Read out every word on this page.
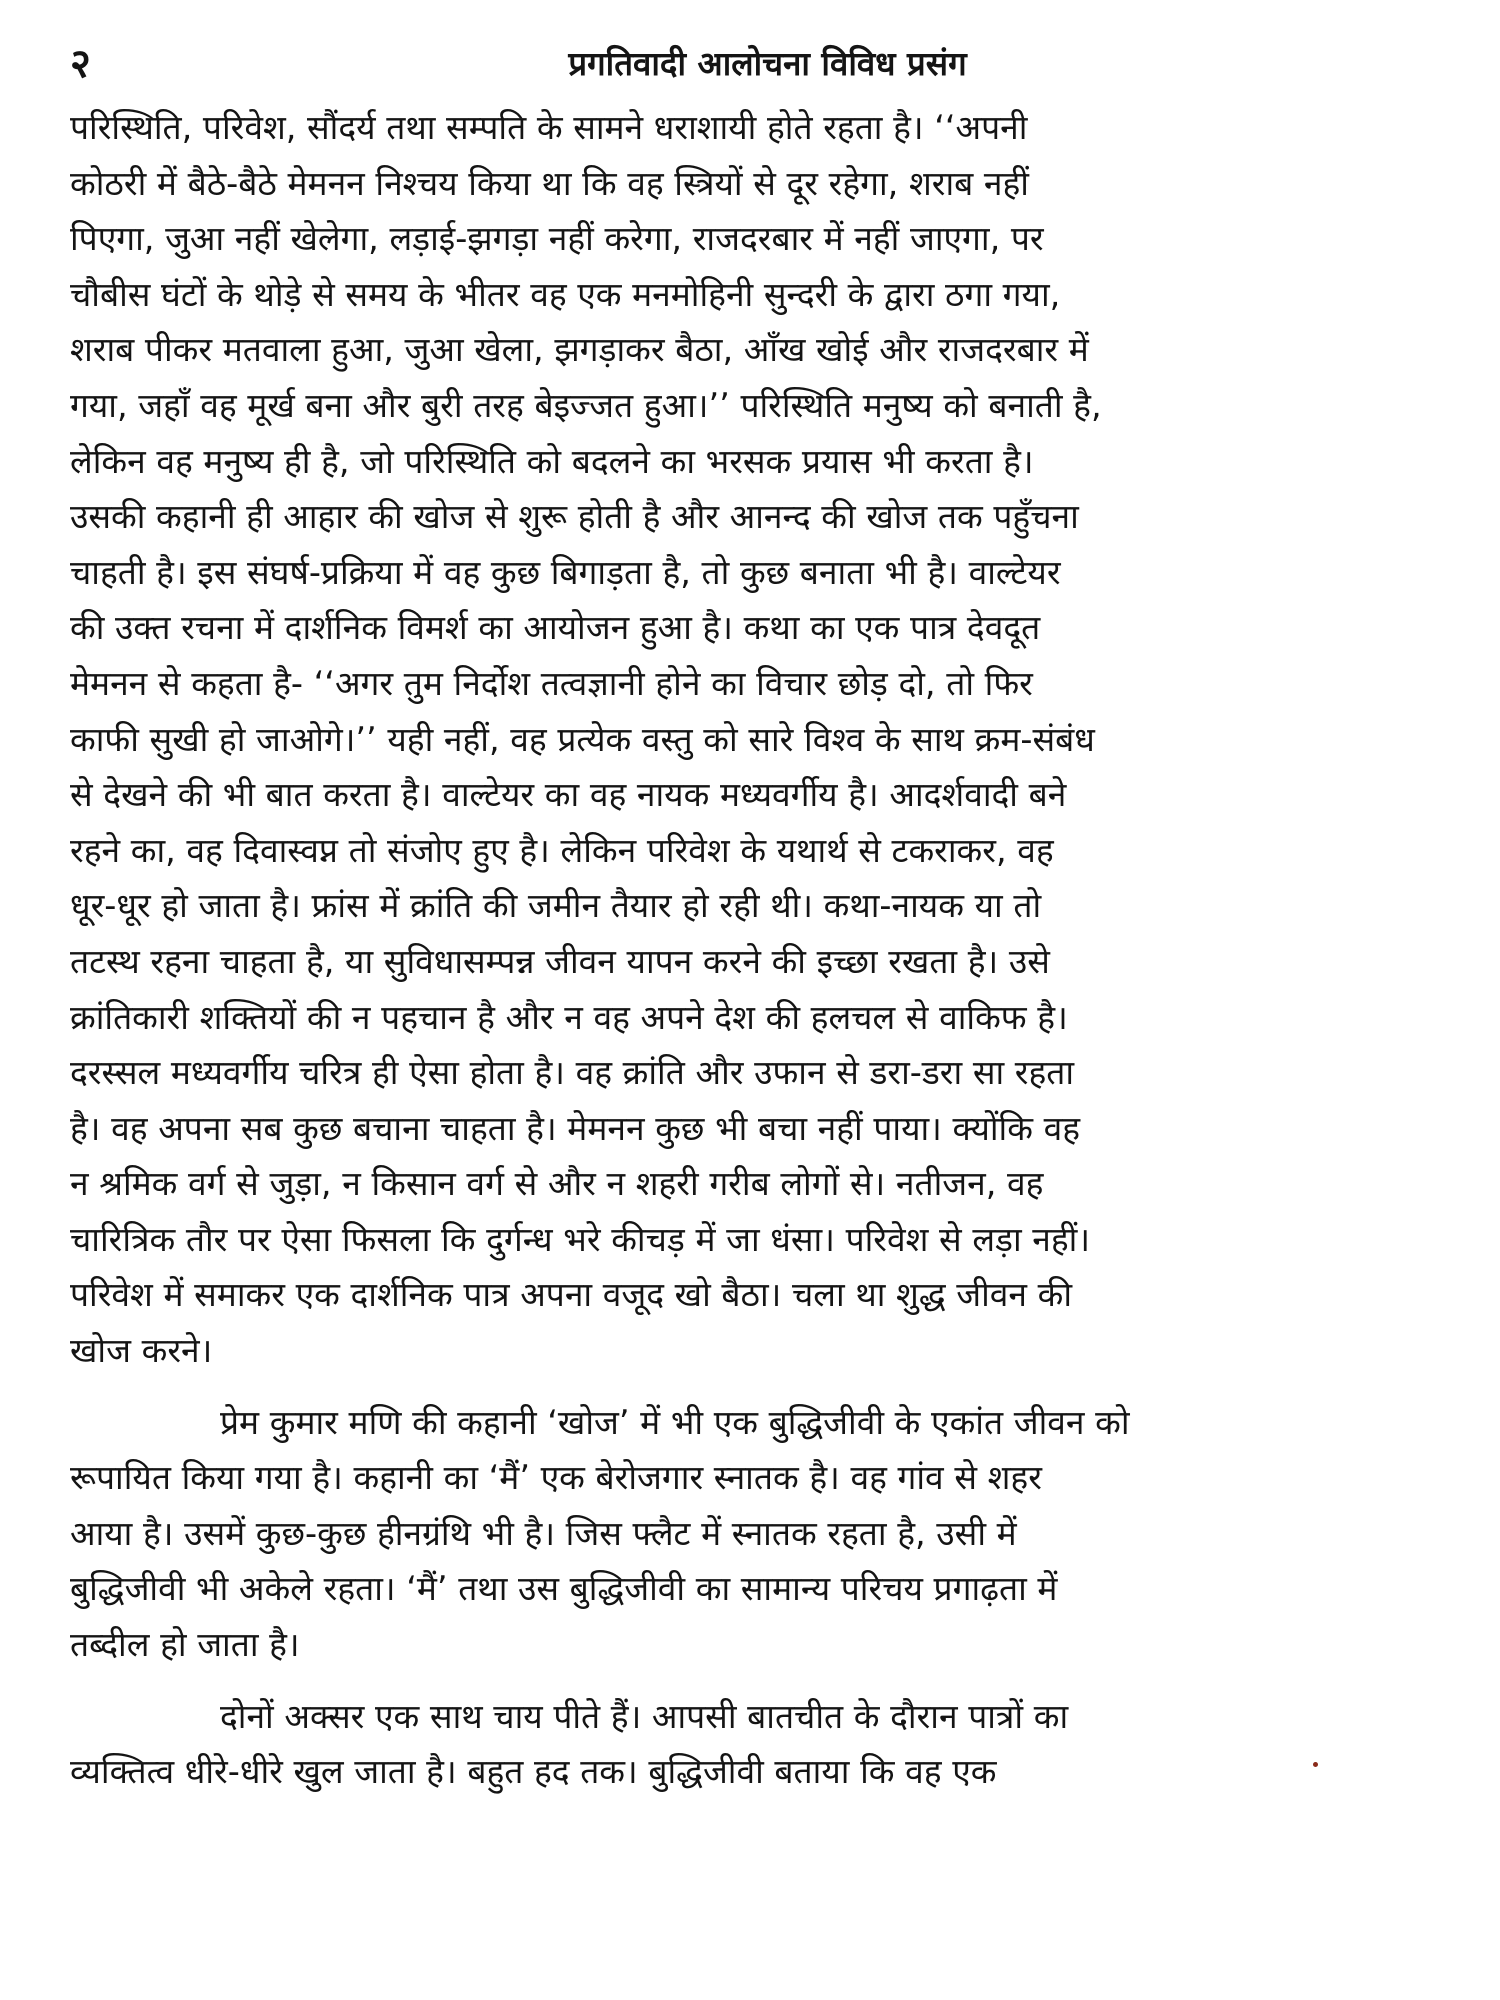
२	प्रगतिवादी आलोचना विविध प्रसंग
परिस्थिति, परिवेश, सौंदर्य तथा सम्पति के सामने धराशायी होते रहता है। ‘‘अपनी
कोठरी में बैठे-बैठे मेमनन निश्चय किया था कि वह स्त्रियों से दूर रहेगा, शराब नहीं
पिएगा, जुआ नहीं खेलेगा, लड़ाई-झगड़ा नहीं करेगा, राजदरबार में नहीं जाएगा, पर
चौबीस घंटों के थोड़े से समय के भीतर वह एक मनमोहिनी सुन्दरी के द्वारा ठगा गया,
शराब पीकर मतवाला हुआ, जुआ खेला, झगड़ाकर बैठा, आँख खोई और राजदरबार में
गया, जहाँ वह मूर्ख बना और बुरी तरह बेइज्जत हुआ।’’ परिस्थिति मनुष्य को बनाती है,
लेकिन वह मनुष्य ही है, जो परिस्थिति को बदलने का भरसक प्रयास भी करता है।
उसकी कहानी ही आहार की खोज से शुरू होती है और आनन्द की खोज तक पहुँचना
चाहती है। इस संघर्ष-प्रक्रिया में वह कुछ बिगाड़ता है, तो कुछ बनाता भी है। वाल्टेयर
की उक्त रचना में दार्शनिक विमर्श का आयोजन हुआ है। कथा का एक पात्र देवदूत
मेमनन से कहता है- ‘‘अगर तुम निर्दोश तत्वज्ञानी होने का विचार छोड़ दो, तो फिर
काफी सुखी हो जाओगे।’’ यही नहीं, वह प्रत्येक वस्तु को सारे विश्व के साथ क्रम-संबंध
से देखने की भी बात करता है। वाल्टेयर का वह नायक मध्यवर्गीय है। आदर्शवादी बने
रहने का, वह दिवास्वप्न तो संजोए हुए है। लेकिन परिवेश के यथार्थ से टकराकर, वह
धूर-धूर हो जाता है। फ्रांस में क्रांति की जमीन तैयार हो रही थी। कथा-नायक या तो
तटस्थ रहना चाहता है, या सुविधासम्पन्न जीवन यापन करने की इच्छा रखता है। उसे
क्रांतिकारी शक्तियों की न पहचान है और न वह अपने देश की हलचल से वाकिफ है।
दरस्सल मध्यवर्गीय चरित्र ही ऐसा होता है। वह क्रांति और उफान से डरा-डरा सा रहता
है। वह अपना सब कुछ बचाना चाहता है। मेमनन कुछ भी बचा नहीं पाया। क्योंकि वह
न श्रमिक वर्ग से जुड़ा, न किसान वर्ग से और न शहरी गरीब लोगों से। नतीजन, वह
चारित्रिक तौर पर ऐसा फिसला कि दुर्गन्ध भरे कीचड़ में जा धंसा। परिवेश से लड़ा नहीं।
परिवेश में समाकर एक दार्शनिक पात्र अपना वजूद खो बैठा। चला था शुद्ध जीवन की
खोज करने।
प्रेम कुमार मणि की कहानी ‘खोज’ में भी एक बुद्धिजीवी के एकांत जीवन को
रूपायित किया गया है। कहानी का ‘मैं’ एक बेरोजगार स्नातक है। वह गांव से शहर
आया है। उसमें कुछ-कुछ हीनग्रंथि भी है। जिस फ्लैट में स्नातक रहता है, उसी में
बुद्धिजीवी भी अकेले रहता। ‘मैं’ तथा उस बुद्धिजीवी का सामान्य परिचय प्रगाढ़ता में
तब्दील हो जाता है।
दोनों अक्सर एक साथ चाय पीते हैं। आपसी बातचीत के दौरान पात्रों का
व्यक्तित्व धीरे-धीरे खुल जाता है। बहुत हद तक। बुद्धिजीवी बताया कि वह एक
